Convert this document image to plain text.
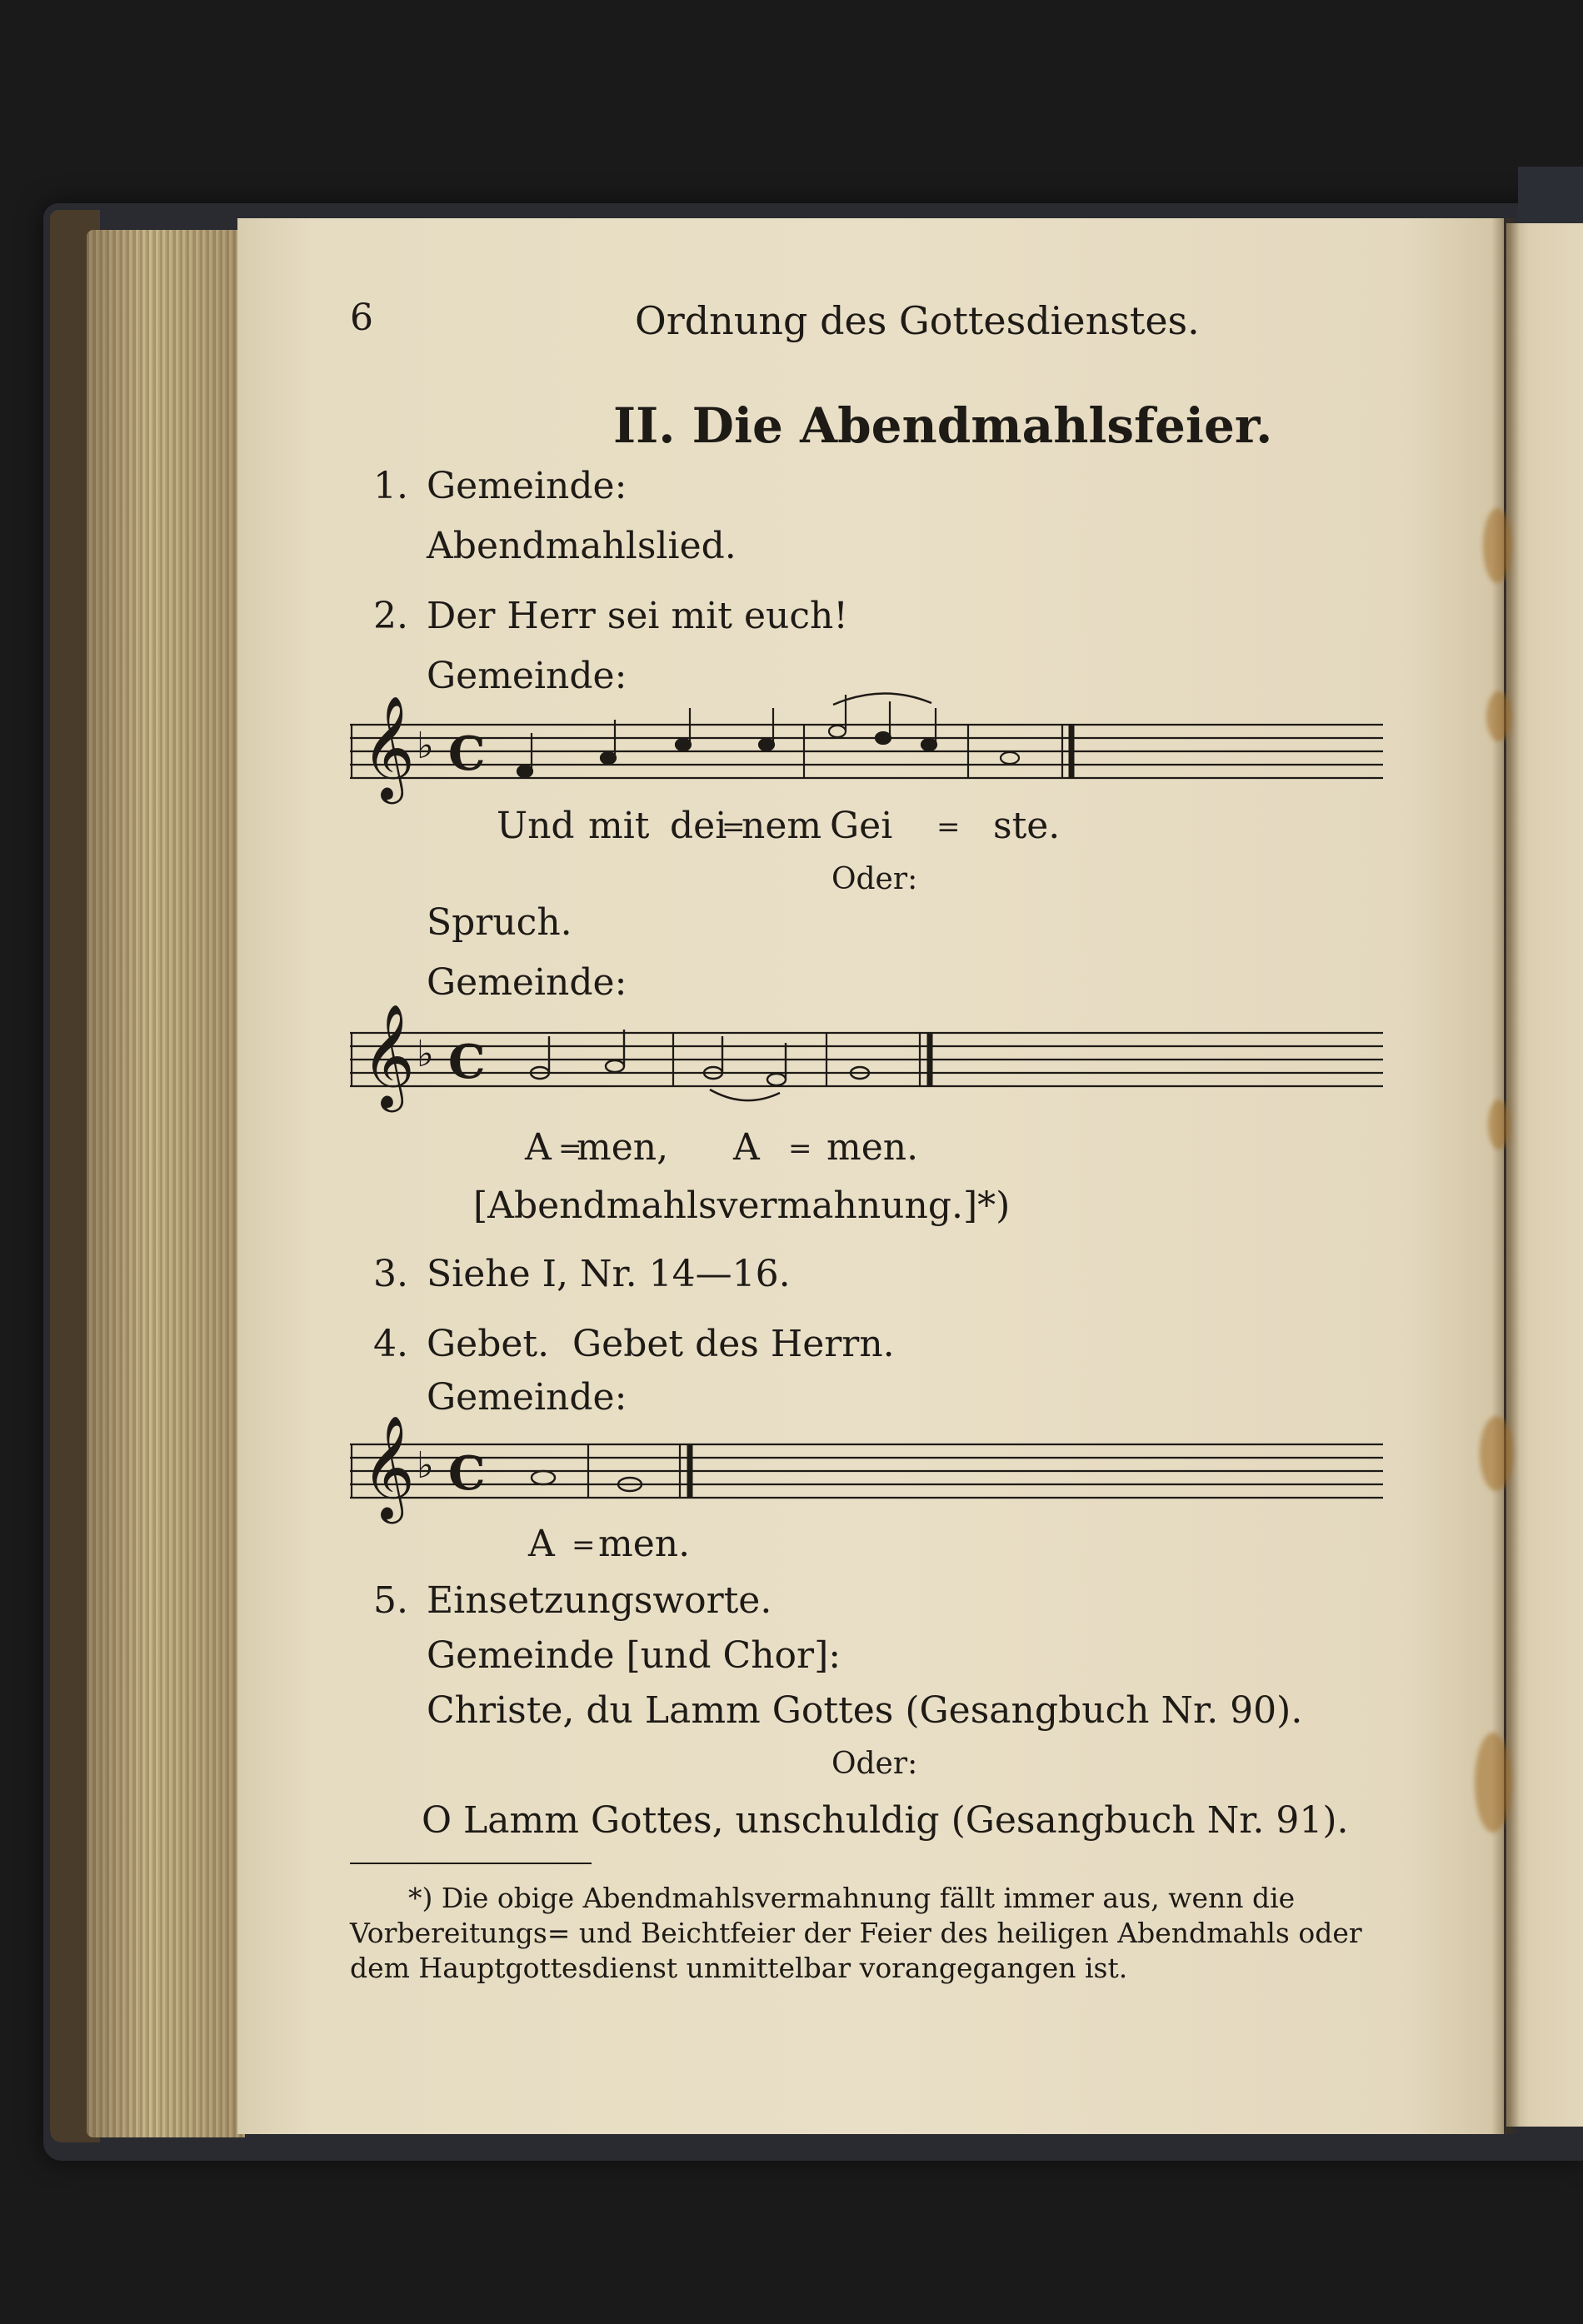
6	Ordnung des Gottesdienstes.
II. Die Abendmahlsfeier.
1. Gemeinde:
Abendmahlslied.
2. Der Herr sei mit euch!
Gemeinde:
𝄞 ♭ C
Und mit dei
=
nem Gei = ste.
Oder:
Spruch.
Gemeinde:
𝄞 ♭ C
A =
men, A = men.
[Abendmahlsvermahnung.]*)
3. Siehe I, Nr. 14—16.
4. Gebet.  Gebet des Herrn.
Gemeinde:
𝄞 ♭ C
A = men.
5. Einsetzungsworte.
Gemeinde [und Chor]:
Christe, du Lamm Gottes (Gesangbuch Nr. 90).
Oder:
O Lamm Gottes, unschuldig (Gesangbuch Nr. 91).
*) Die obige Abendmahlsvermahnung fällt immer aus, wenn die
Vorbereitungs= und Beichtfeier der Feier des heiligen Abendmahls oder
dem Hauptgottesdienst unmittelbar vorangegangen ist.
